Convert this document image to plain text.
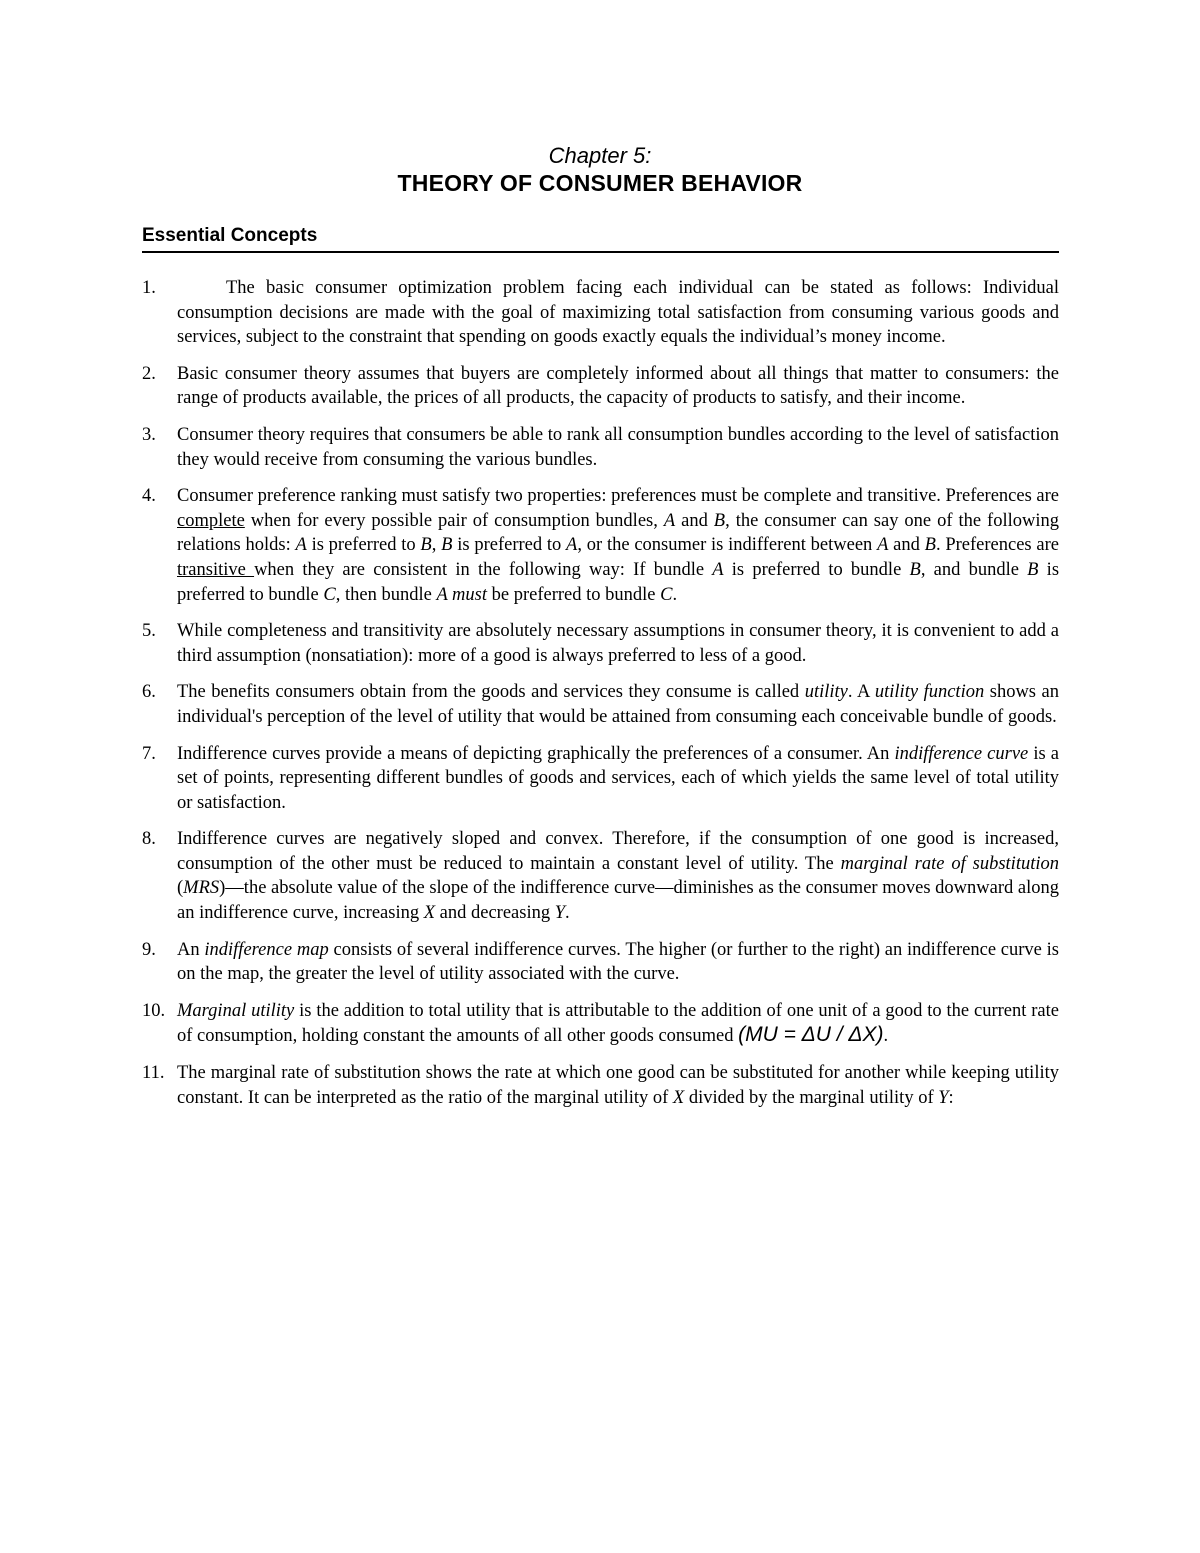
Chapter 5:
THEORY OF CONSUMER BEHAVIOR
Essential Concepts
1.	The basic consumer optimization problem facing each individual can be stated as follows: Individual consumption decisions are made with the goal of maximizing total satisfaction from consuming various goods and services, subject to the constraint that spending on goods exactly equals the individual’s money income.
2. Basic consumer theory assumes that buyers are completely informed about all things that matter to consumers: the range of products available, the prices of all products, the capacity of products to satisfy, and their income.
3. Consumer theory requires that consumers be able to rank all consumption bundles according to the level of satisfaction they would receive from consuming the various bundles.
4. Consumer preference ranking must satisfy two properties: preferences must be complete and transitive. Preferences are complete when for every possible pair of consumption bundles, A and B, the consumer can say one of the following relations holds: A is preferred to B, B is preferred to A, or the consumer is indifferent between A and B. Preferences are transitive when they are consistent in the following way: If bundle A is preferred to bundle B, and bundle B is preferred to bundle C, then bundle A must be preferred to bundle C.
5. While completeness and transitivity are absolutely necessary assumptions in consumer theory, it is convenient to add a third assumption (nonsatiation): more of a good is always preferred to less of a good.
6. The benefits consumers obtain from the goods and services they consume is called utility. A utility function shows an individual's perception of the level of utility that would be attained from consuming each conceivable bundle of goods.
7. Indifference curves provide a means of depicting graphically the preferences of a consumer. An indifference curve is a set of points, representing different bundles of goods and services, each of which yields the same level of total utility or satisfaction.
8. Indifference curves are negatively sloped and convex. Therefore, if the consumption of one good is increased, consumption of the other must be reduced to maintain a constant level of utility. The marginal rate of substitution (MRS)—the absolute value of the slope of the indifference curve—diminishes as the consumer moves downward along an indifference curve, increasing X and decreasing Y.
9. An indifference map consists of several indifference curves. The higher (or further to the right) an indifference curve is on the map, the greater the level of utility associated with the curve.
10. Marginal utility is the addition to total utility that is attributable to the addition of one unit of a good to the current rate of consumption, holding constant the amounts of all other goods consumed (MU = ΔU / ΔX).
11. The marginal rate of substitution shows the rate at which one good can be substituted for another while keeping utility constant. It can be interpreted as the ratio of the marginal utility of X divided by the marginal utility of Y:
